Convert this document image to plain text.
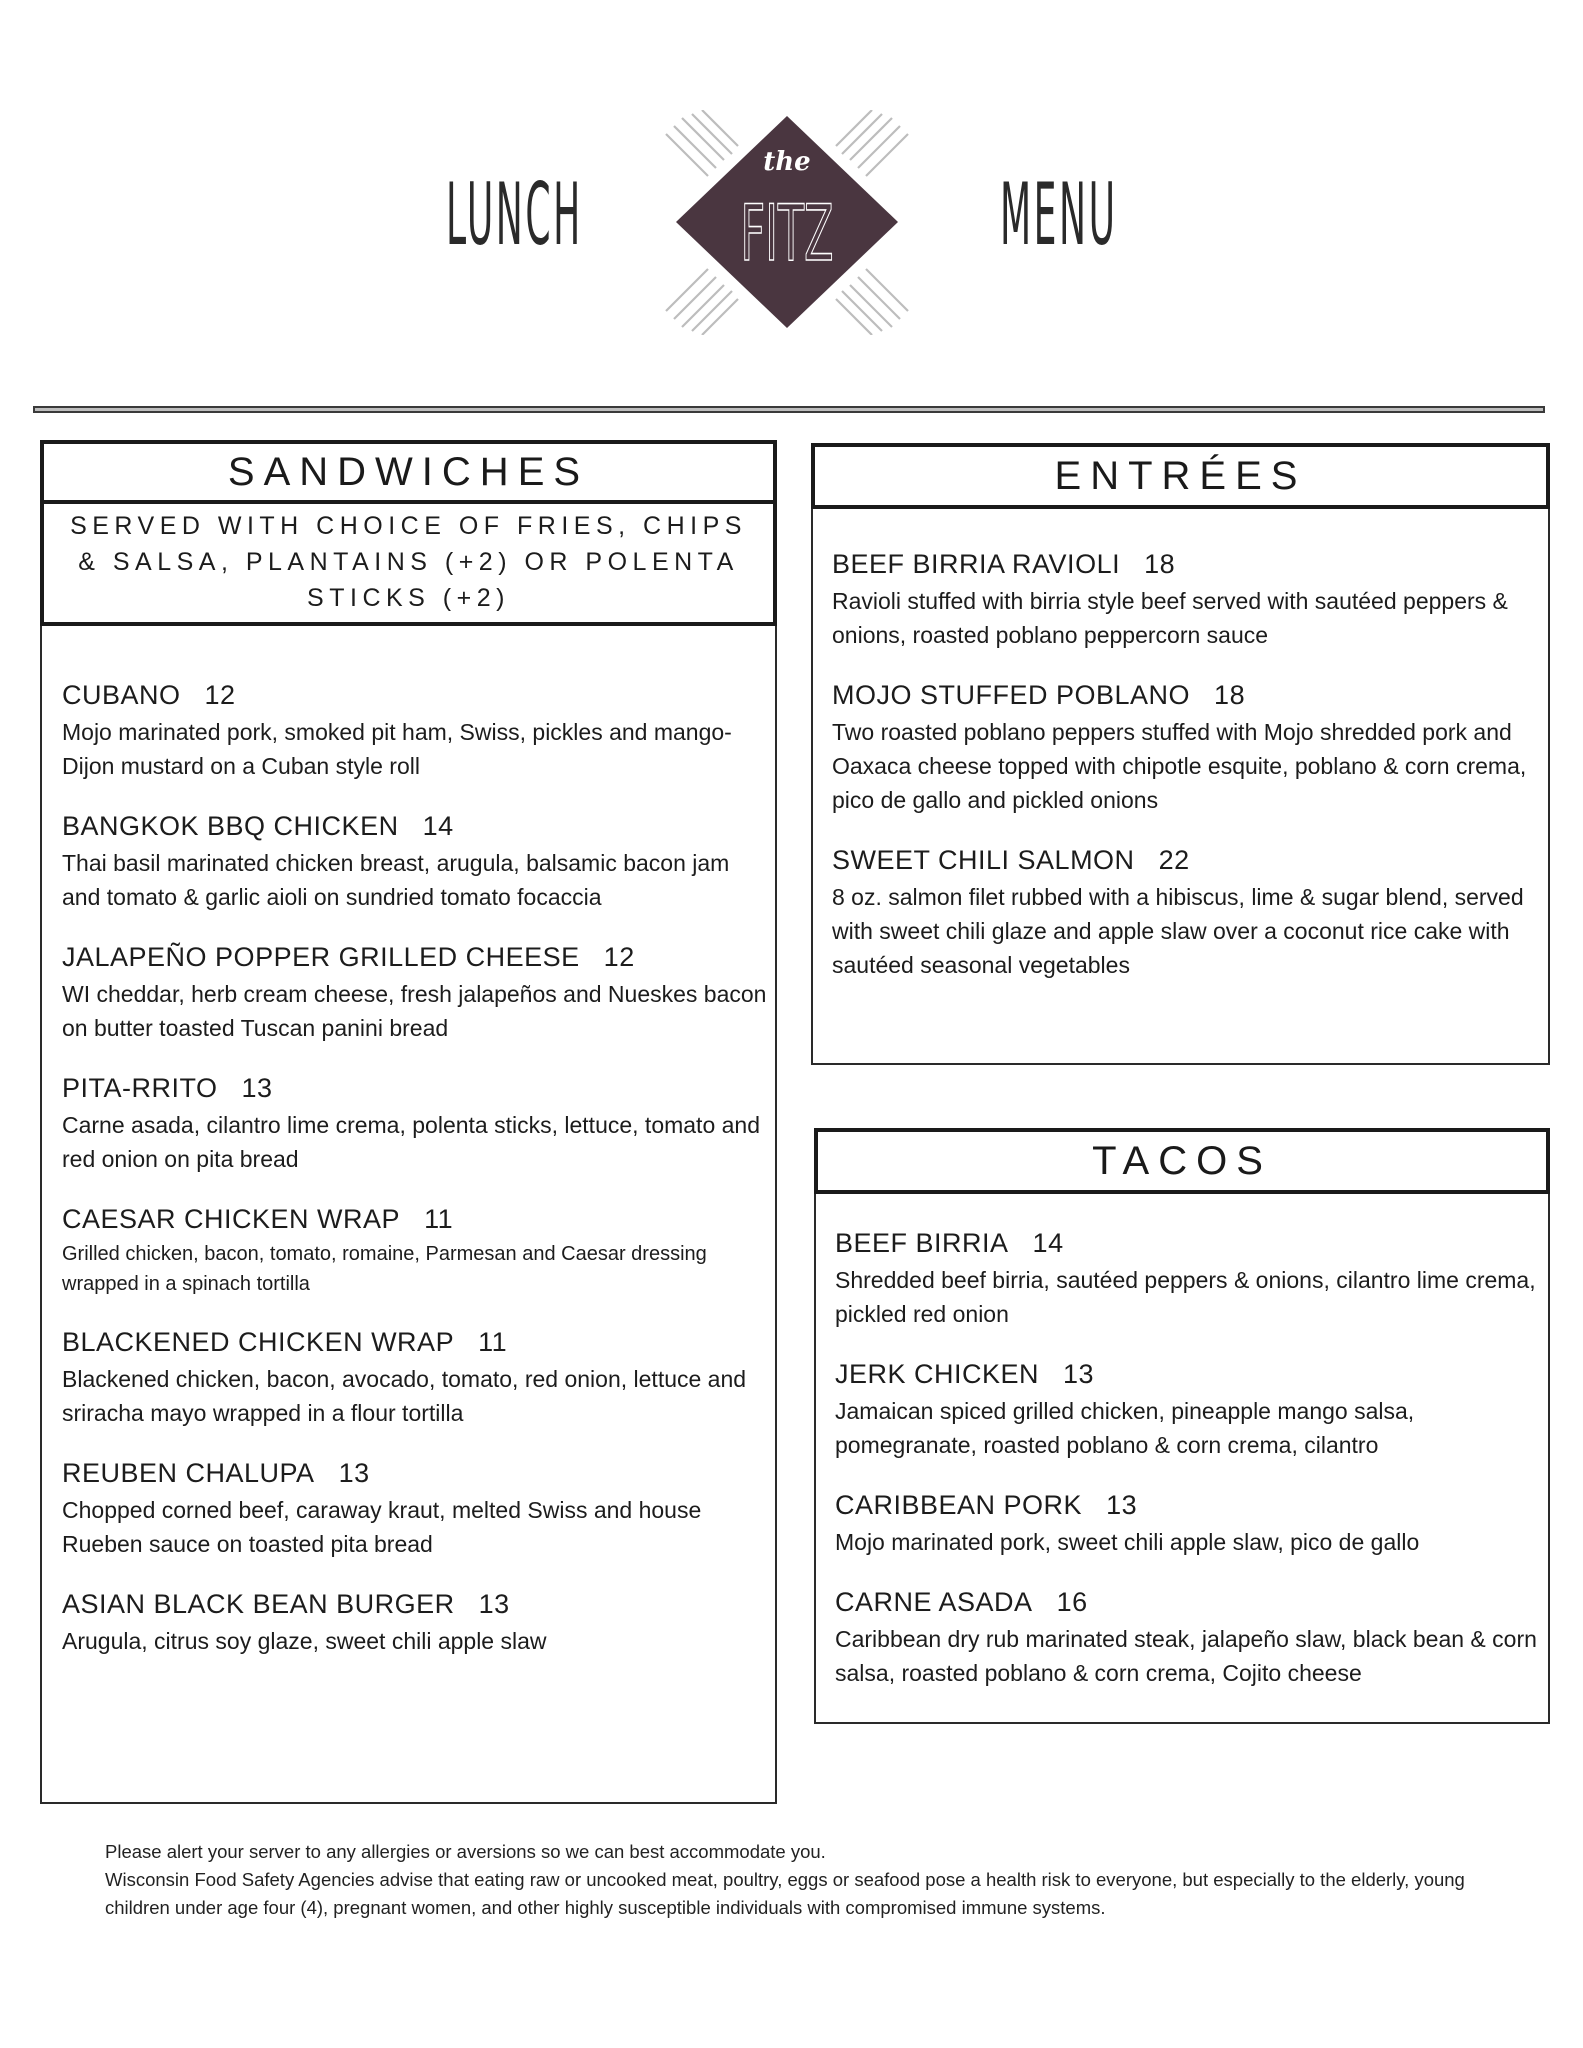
LUNCH
the
FITZ MENU
SANDWICHES
SERVED WITH CHOICE OF FRIES, CHIPS & SALSA, PLANTAINS (+2) OR POLENTA STICKS (+2)
CUBANO 12
Mojo marinated pork, smoked pit ham, Swiss, pickles and mango-Dijon mustard on a Cuban style roll
BANGKOK BBQ CHICKEN 14
Thai basil marinated chicken breast, arugula, balsamic bacon jam and tomato & garlic aioli on sundried tomato focaccia
JALAPEÑO POPPER GRILLED CHEESE 12
WI cheddar, herb cream cheese, fresh jalapeños and Nueskes bacon on butter toasted Tuscan panini bread
PITA-RRITO 13
Carne asada, cilantro lime crema, polenta sticks, lettuce, tomato and red onion on pita bread
CAESAR CHICKEN WRAP 11
Grilled chicken, bacon, tomato, romaine, Parmesan and Caesar dressing wrapped in a spinach tortilla
BLACKENED CHICKEN WRAP 11
Blackened chicken, bacon, avocado, tomato, red onion, lettuce and sriracha mayo wrapped in a flour tortilla
REUBEN CHALUPA 13
Chopped corned beef, caraway kraut, melted Swiss and house Rueben sauce on toasted pita bread
ASIAN BLACK BEAN BURGER 13
Arugula, citrus soy glaze, sweet chili apple slaw
ENTRÉES
BEEF BIRRIA RAVIOLI 18
Ravioli stuffed with birria style beef served with sautéed peppers & onions, roasted poblano peppercorn sauce
MOJO STUFFED POBLANO 18
Two roasted poblano peppers stuffed with Mojo shredded pork and Oaxaca cheese topped with chipotle esquite, poblano & corn crema, pico de gallo and pickled onions
SWEET CHILI SALMON 22
8 oz. salmon filet rubbed with a hibiscus, lime & sugar blend, served with sweet chili glaze and apple slaw over a coconut rice cake with sautéed seasonal vegetables
TACOS
BEEF BIRRIA 14
Shredded beef birria, sautéed peppers & onions, cilantro lime crema, pickled red onion
JERK CHICKEN 13
Jamaican spiced grilled chicken, pineapple mango salsa, pomegranate, roasted poblano & corn crema, cilantro
CARIBBEAN PORK 13
Mojo marinated pork, sweet chili apple slaw, pico de gallo
CARNE ASADA 16
Caribbean dry rub marinated steak, jalapeño slaw, black bean & corn salsa, roasted poblano & corn crema, Cojito cheese
Please alert your server to any allergies or aversions so we can best accommodate you.
Wisconsin Food Safety Agencies advise that eating raw or uncooked meat, poultry, eggs or seafood pose a health risk to everyone, but especially to the elderly, young children under age four (4), pregnant women, and other highly susceptible individuals with compromised immune systems.
